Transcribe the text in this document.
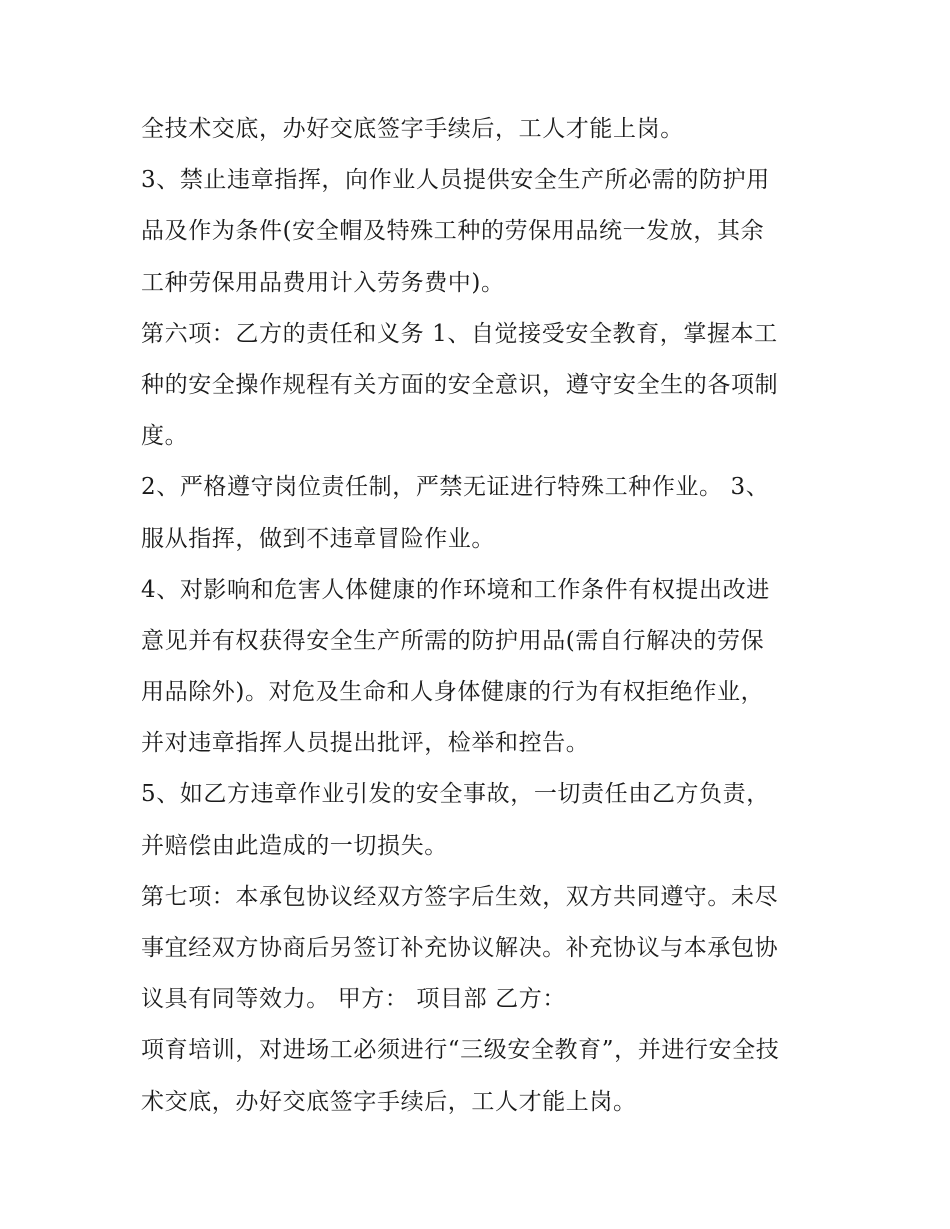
全技术交底，办好交底签字手续后，工人才能上岗。
3、禁止违章指挥，向作业人员提供安全生产所必需的防护用
品及作为条件(安全帽及特殊工种的劳保用品统一发放，其余
工种劳保用品费用计入劳务费中)。
第六项：乙方的责任和义务 1、自觉接受安全教育，掌握本工
种的安全操作规程有关方面的安全意识，遵守安全生的各项制
度。
2、严格遵守岗位责任制，严禁无证进行特殊工种作业。 3、
服从指挥，做到不违章冒险作业。
4、对影响和危害人体健康的作环境和工作条件有权提出改进
意见并有权获得安全生产所需的防护用品(需自行解决的劳保
用品除外)。对危及生命和人身体健康的行为有权拒绝作业，
并对违章指挥人员提出批评，检举和控告。
5、如乙方违章作业引发的安全事故，一切责任由乙方负责，
并赔偿由此造成的一切损失。
第七项：本承包协议经双方签字后生效，双方共同遵守。未尽
事宜经双方协商后另签订补充协议解决。补充协议与本承包协
议具有同等效力。 甲方： 项目部 乙方：
项育培训，对进场工必须进行“三级安全教育”，并进行安全技
术交底，办好交底签字手续后，工人才能上岗。
